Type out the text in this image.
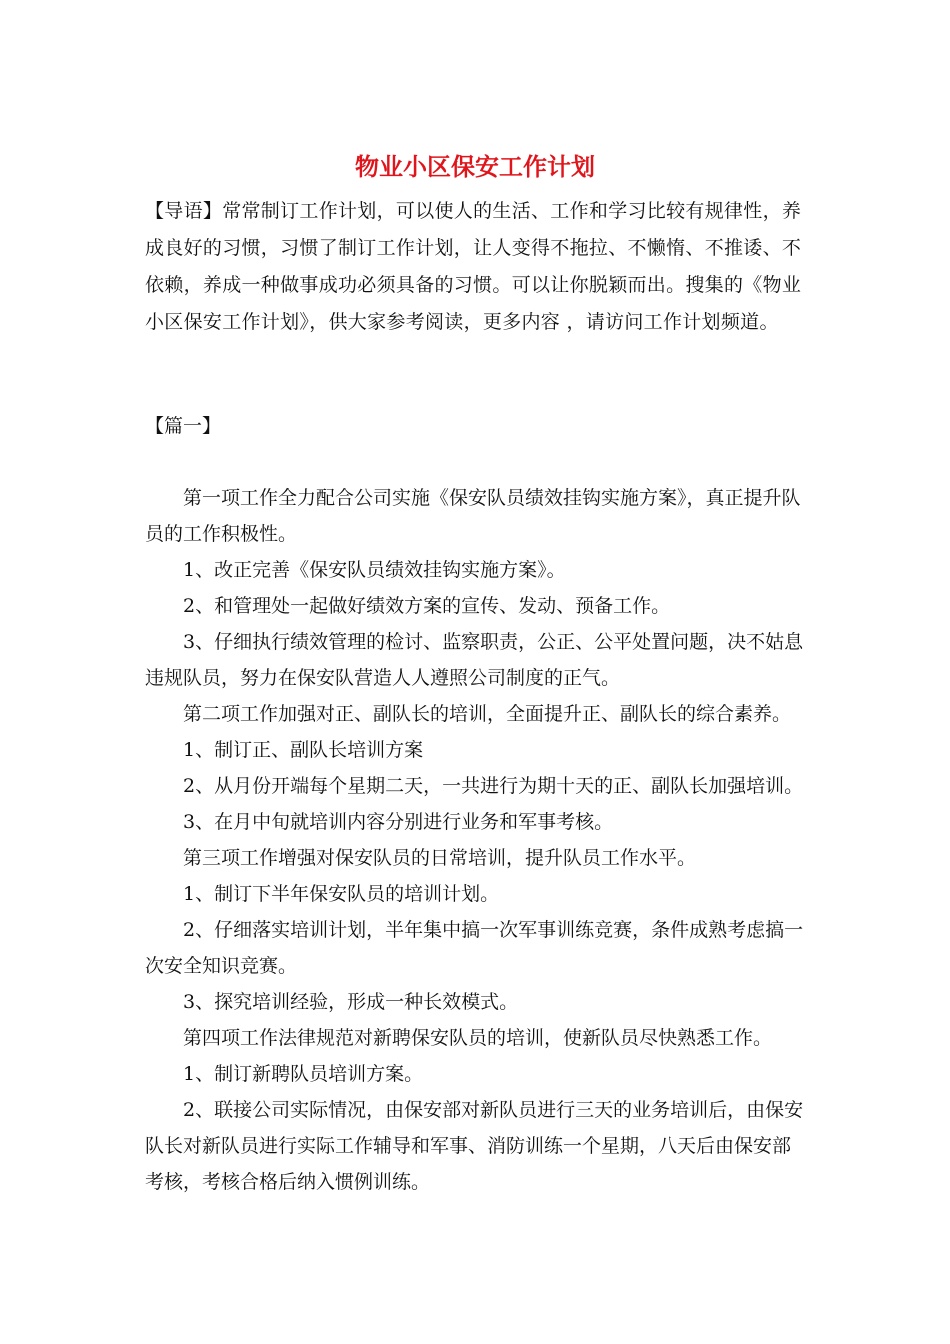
物业小区保安工作计划
【导语】常常制订工作计划，可以使人的生活、工作和学习比较有规律性，养成良好的习惯，习惯了制订工作计划，让人变得不拖拉、不懒惰、不推诿、不依赖，养成一种做事成功必须具备的习惯。可以让你脱颖而出。搜集的《物业小区保安工作计划》，供大家参考阅读，更多内容 ，请访问工作计划频道。
【篇一】

第一项工作全力配合公司实施《保安队员绩效挂钩实施方案》，真正提升队员的工作积极性。

1、改正完善《保安队员绩效挂钩实施方案》。

2、和管理处一起做好绩效方案的宣传、发动、预备工作。

3、仔细执行绩效管理的检讨、监察职责，公正、公平处置问题，决不姑息违规队员，努力在保安队营造人人遵照公司制度的正气。

第二项工作加强对正、副队长的培训，全面提升正、副队长的综合素养。

1、制订正、副队长培训方案

2、从月份开端每个星期二天，一共进行为期十天的正、副队长加强培训。

3、在月中旬就培训内容分别进行业务和军事考核。

第三项工作增强对保安队员的日常培训，提升队员工作水平。

1、制订下半年保安队员的培训计划。

2、仔细落实培训计划，半年集中搞一次军事训练竞赛，条件成熟考虑搞一次安全知识竞赛。

3、探究培训经验，形成一种长效模式。

第四项工作法律规范对新聘保安队员的培训，使新队员尽快熟悉工作。

1、制订新聘队员培训方案。

2、联接公司实际情况，由保安部对新队员进行三天的业务培训后，由保安队长对新队员进行实际工作辅导和军事、消防训练一个星期，八天后由保安部考核，考核合格后纳入惯例训练。
